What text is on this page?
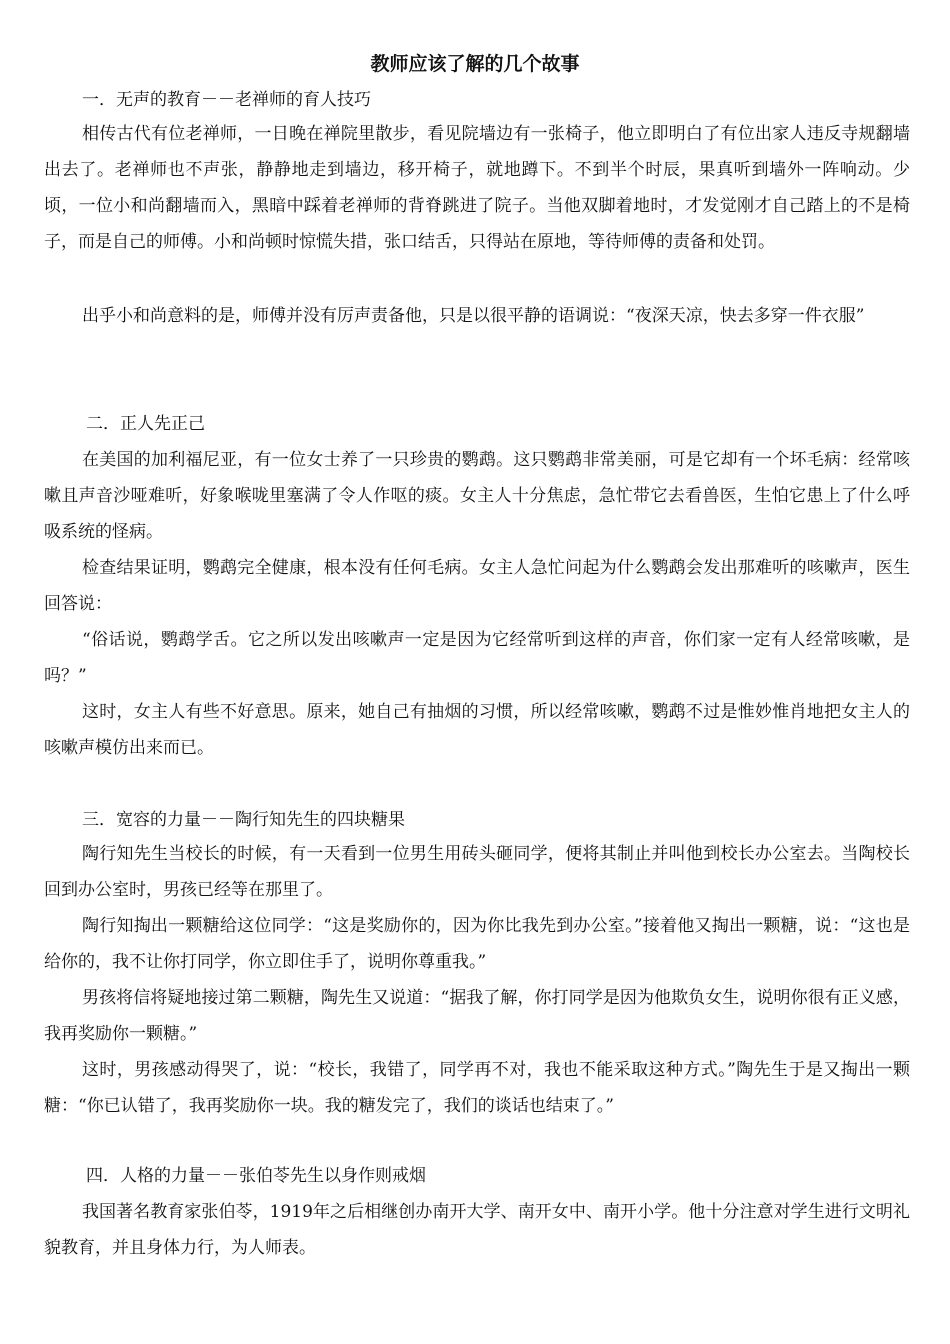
教师应该了解的几个故事

一．无声的教育－－老禅师的育人技巧

相传古代有位老禅师，一日晚在禅院里散步，看见院墙边有一张椅子，他立即明白了有位出家人违反寺规翻墙出去了。老禅师也不声张，静静地走到墙边，移开椅子，就地蹲下。不到半个时辰，果真听到墙外一阵响动。少顷，一位小和尚翻墙而入，黑暗中踩着老禅师的背脊跳进了院子。当他双脚着地时，才发觉刚才自己踏上的不是椅子，而是自己的师傅。小和尚顿时惊慌失措，张口结舌，只得站在原地，等待师傅的责备和处罚。

出乎小和尚意料的是，师傅并没有厉声责备他，只是以很平静的语调说：“夜深天凉，快去多穿一件衣服”

二．正人先正己

在美国的加利福尼亚，有一位女士养了一只珍贵的鹦鹉。这只鹦鹉非常美丽，可是它却有一个坏毛病：经常咳嗽且声音沙哑难听，好象喉咙里塞满了令人作呕的痰。女主人十分焦虑，急忙带它去看兽医，生怕它患上了什么呼吸系统的怪病。

检查结果证明，鹦鹉完全健康，根本没有任何毛病。女主人急忙问起为什么鹦鹉会发出那难听的咳嗽声，医生回答说：

“俗话说，鹦鹉学舌。它之所以发出咳嗽声一定是因为它经常听到这样的声音，你们家一定有人经常咳嗽，是吗？”

这时，女主人有些不好意思。原来，她自己有抽烟的习惯，所以经常咳嗽，鹦鹉不过是惟妙惟肖地把女主人的咳嗽声模仿出来而已。

三．宽容的力量－－陶行知先生的四块糖果

陶行知先生当校长的时候，有一天看到一位男生用砖头砸同学，便将其制止并叫他到校长办公室去。当陶校长回到办公室时，男孩已经等在那里了。

陶行知掏出一颗糖给这位同学：“这是奖励你的，因为你比我先到办公室。”接着他又掏出一颗糖，说：“这也是给你的，我不让你打同学，你立即住手了，说明你尊重我。”

男孩将信将疑地接过第二颗糖，陶先生又说道：“据我了解，你打同学是因为他欺负女生，说明你很有正义感，我再奖励你一颗糖。”

这时，男孩感动得哭了，说：“校长，我错了，同学再不对，我也不能采取这种方式。”陶先生于是又掏出一颗糖：“你已认错了，我再奖励你一块。我的糖发完了，我们的谈话也结束了。”

四．人格的力量－－张伯苓先生以身作则戒烟

我国著名教育家张伯苓，1919年之后相继创办南开大学、南开女中、南开小学。他十分注意对学生进行文明礼貌教育，并且身体力行，为人师表。
